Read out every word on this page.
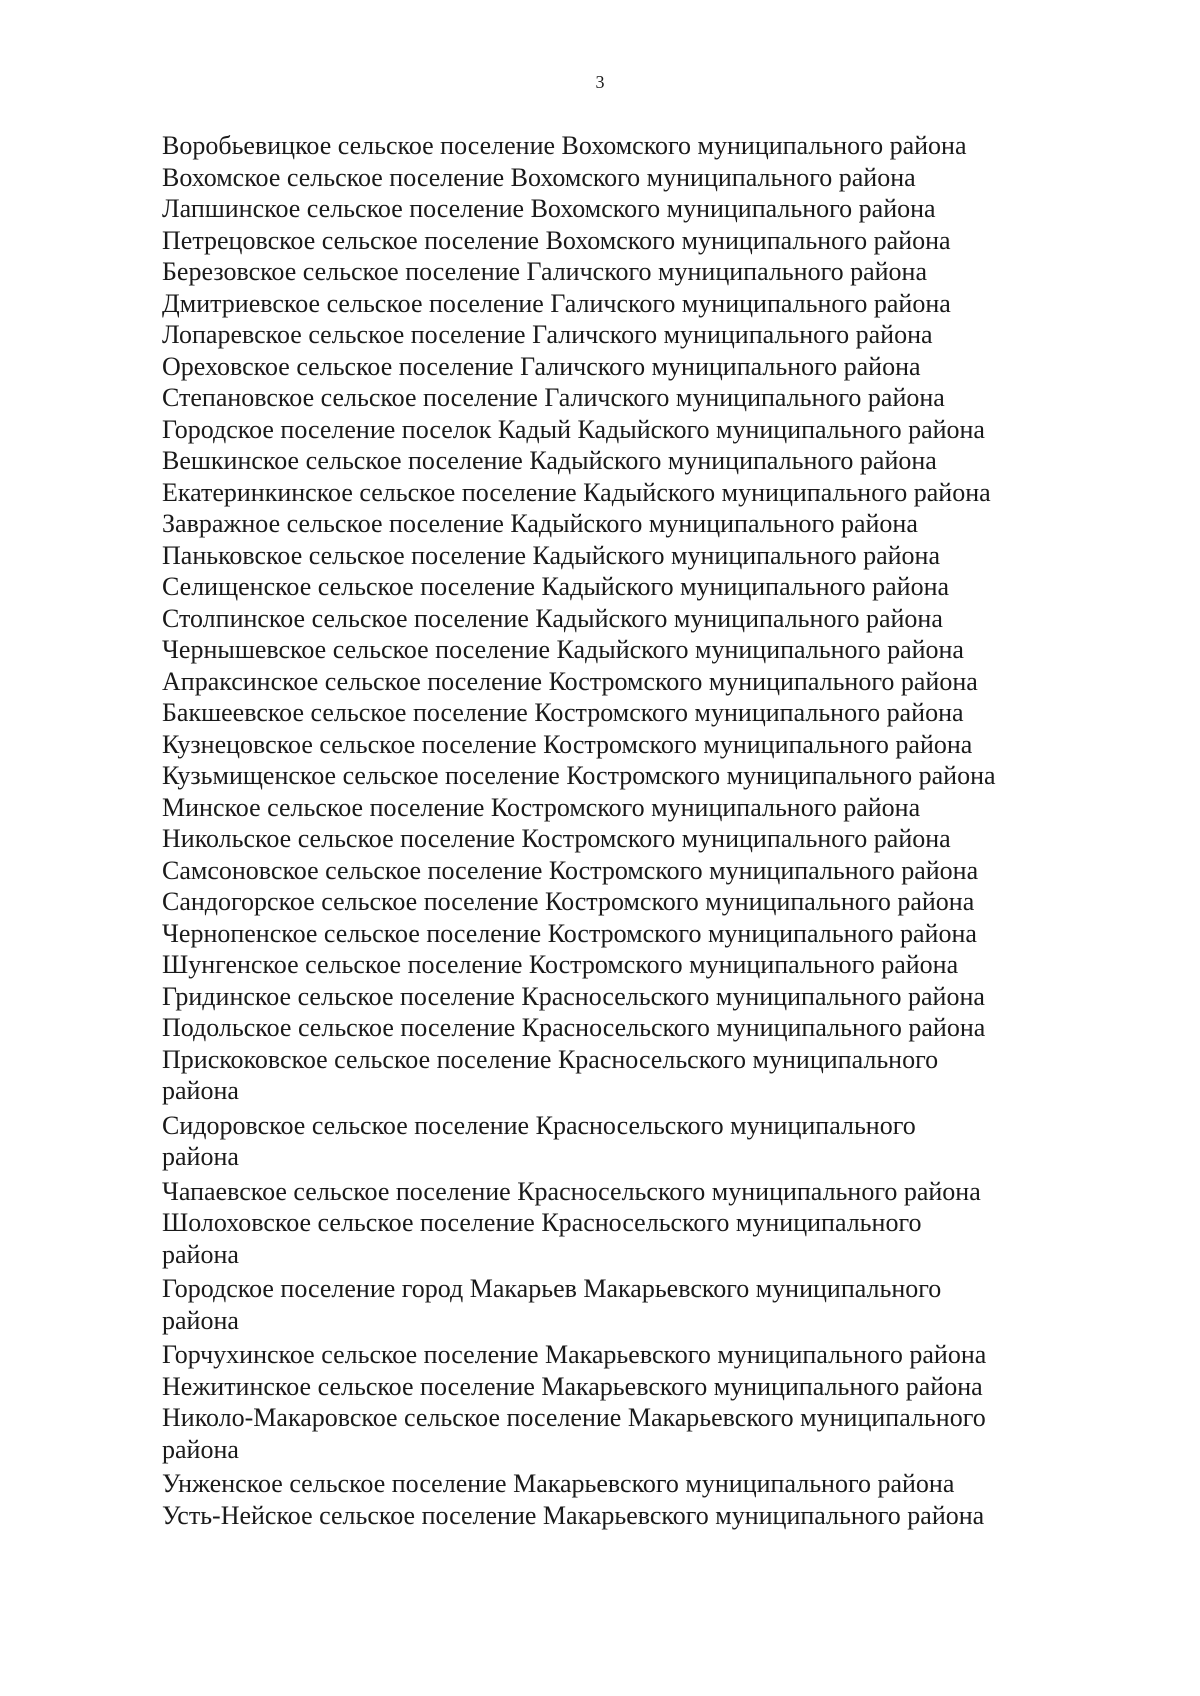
3
Воробьевицкое сельское поселение Вохомского муниципального района
Вохомское сельское поселение Вохомского муниципального района
Лапшинское сельское поселение Вохомского муниципального района
Петрецовское сельское поселение Вохомского муниципального района
Березовское сельское поселение Галичского муниципального района
Дмитриевское сельское поселение Галичского муниципального района
Лопаревское сельское поселение Галичского муниципального района
Ореховское сельское поселение Галичского муниципального района
Степановское сельское поселение Галичского муниципального района
Городское поселение поселок Кадый Кадыйского муниципального района
Вешкинское сельское поселение Кадыйского муниципального района
Екатеринкинское сельское поселение Кадыйского муниципального района
Завражное сельское поселение Кадыйского муниципального района
Паньковское сельское поселение Кадыйского муниципального района
Селищенское сельское поселение Кадыйского муниципального района
Столпинское сельское поселение Кадыйского муниципального района
Чернышевское сельское поселение Кадыйского муниципального района
Апраксинское сельское поселение Костромского муниципального района
Бакшеевское сельское поселение Костромского муниципального района
Кузнецовское сельское поселение Костромского муниципального района
Кузьмищенское сельское поселение Костромского муниципального района
Минское сельское поселение Костромского муниципального района
Никольское сельское поселение Костромского муниципального района
Самсоновское сельское поселение Костромского муниципального района
Сандогорское сельское поселение Костромского муниципального района
Чернопенское сельское поселение Костромского муниципального района
Шунгенское сельское поселение Костромского муниципального района
Гридинское сельское поселение Красносельского муниципального района
Подольское сельское поселение Красносельского муниципального района
Прискоковское сельское поселение Красносельского муниципального района
Сидоровское сельское поселение Красносельского муниципального района
Чапаевское сельское поселение Красносельского муниципального района
Шолоховское сельское поселение Красносельского муниципального района
Городское поселение город Макарьев Макарьевского муниципального района
Горчухинское сельское поселение Макарьевского муниципального района
Нежитинское сельское поселение Макарьевского муниципального района
Николо-Макаровское сельское поселение Макарьевского муниципального района
Унженское сельское поселение Макарьевского муниципального района
Усть-Нейское сельское поселение Макарьевского муниципального района
